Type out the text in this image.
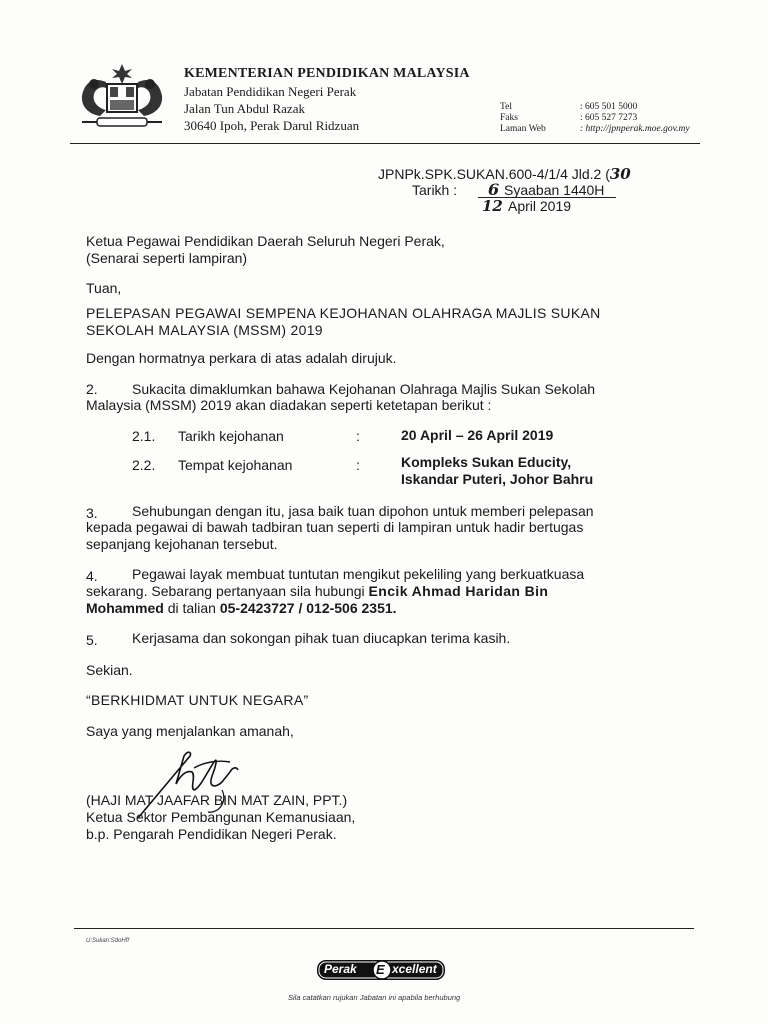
KEMENTERIAN PENDIDIKAN MALAYSIA
Jabatan Pendidikan Negeri Perak
Jalan Tun Abdul Razak
30640 Ipoh, Perak Darul Ridzuan
Tel	: 605 501 5000
Faks	: 605 527 7273
Laman Web	: http://jpnperak.moe.gov.my
JPNPk.SPK.SUKAN.600-4/1/4 Jld.2 (30
Tarikh : 6 Syaaban 1440H
12 April 2019
Ketua Pegawai Pendidikan Daerah Seluruh Negeri Perak,
(Senarai seperti lampiran)
Tuan,
PELEPASAN PEGAWAI SEMPENA KEJOHANAN OLAHRAGA MAJLIS SUKAN
SEKOLAH MALAYSIA (MSSM) 2019
Dengan hormatnya perkara di atas adalah dirujuk.
2. Sukacita dimaklumkan bahawa Kejohanan Olahraga Majlis Sukan Sekolah
Malaysia (MSSM) 2019 akan diadakan seperti ketetapan berikut :
2.1. Tarikh kejohanan	:	20 April – 26 April 2019
2.2. Tempat kejohanan	:	Kompleks Sukan Educity,
Iskandar Puteri, Johor Bahru
3. Sehubungan dengan itu, jasa baik tuan dipohon untuk memberi pelepasan
kepada pegawai di bawah tadbiran tuan seperti di lampiran untuk hadir bertugas
sepanjang kejohanan tersebut.
4. Pegawai layak membuat tuntutan mengikut pekeliling yang berkuatkuasa
sekarang. Sebarang pertanyaan sila hubungi Encik Ahmad Haridan Bin
Mohammed di talian 05-2423727 / 012-506 2351.
5. Kerjasama dan sokongan pihak tuan diucapkan terima kasih.
Sekian.
“BERKHIDMAT UNTUK NEGARA”
Saya yang menjalankan amanah,
(HAJI MAT JAAFAR BIN MAT ZAIN, PPT.)
Ketua Sektor Pembangunan Kemanusiaan,
b.p. Pengarah Pendidikan Negeri Perak.
U:Sukan:SdoHff
Perak E xcellent
Sila catatkan rujukan Jabatan ini apabila berhubung
